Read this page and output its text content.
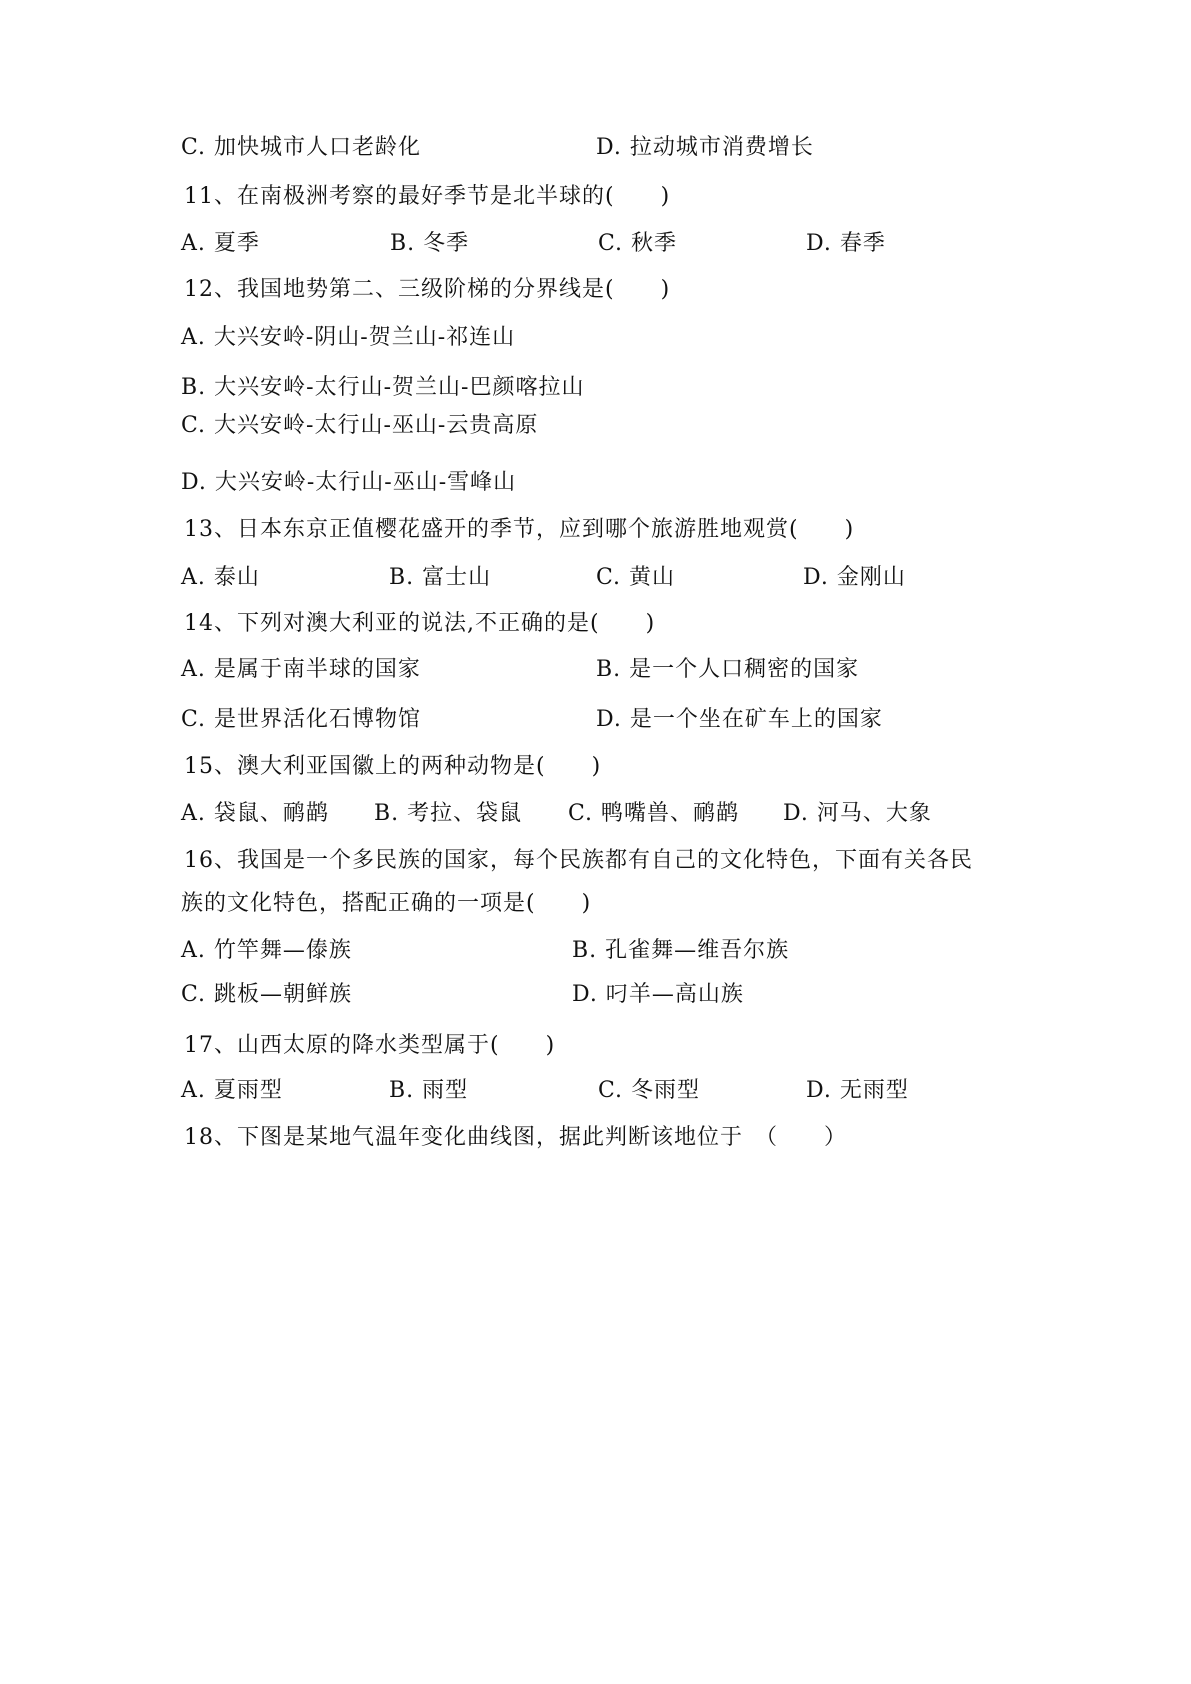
C. 加快城市人口老龄化	D. 拉动城市消费增长
11、在南极洲考察的最好季节是北半球的(　　)
A. 夏季	B. 冬季	C. 秋季	D. 春季
12、我国地势第二、三级阶梯的分界线是(　　)
A. 大兴安岭-阴山-贺兰山-祁连山
B. 大兴安岭-太行山-贺兰山-巴颜喀拉山
C. 大兴安岭-太行山-巫山-云贵高原
D. 大兴安岭-太行山-巫山-雪峰山
13、日本东京正值樱花盛开的季节，应到哪个旅游胜地观赏(　　)
A. 泰山	B. 富士山	C. 黄山	D. 金刚山
14、下列对澳大利亚的说法,不正确的是(　　)
A. 是属于南半球的国家	B. 是一个人口稠密的国家
C. 是世界活化石博物馆	D. 是一个坐在矿车上的国家
15、澳大利亚国徽上的两种动物是(　　)
A. 袋鼠、鸸鹋 B. 考拉、袋鼠 C. 鸭嘴兽、鸸鹋 D. 河马、大象
16、我国是一个多民族的国家，每个民族都有自己的文化特色，下面有关各民
族的文化特色，搭配正确的一项是(　　)
A. 竹竿舞—傣族	B. 孔雀舞—维吾尔族
C. 跳板—朝鲜族	D. 叼羊—高山族
17、山西太原的降水类型属于(　　)
A. 夏雨型	B. 雨型	C. 冬雨型	D. 无雨型
18、下图是某地气温年变化曲线图，据此判断该地位于　（　　）
